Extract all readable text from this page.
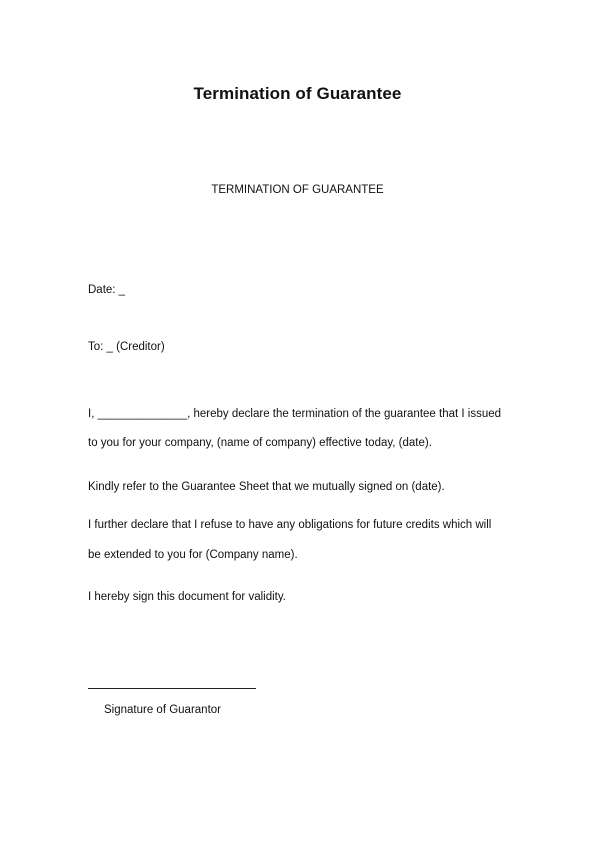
Termination of Guarantee
TERMINATION OF GUARANTEE
Date: _
To: _ (Creditor)
I, ______________, hereby declare the termination of the guarantee that I issued
to you for your company, (name of company) effective today, (date).
Kindly refer to the Guarantee Sheet that we mutually signed on (date).
I further declare that I refuse to have any obligations for future credits which will
be extended to you for (Company name).
I hereby sign this document for validity.
Signature of Guarantor
